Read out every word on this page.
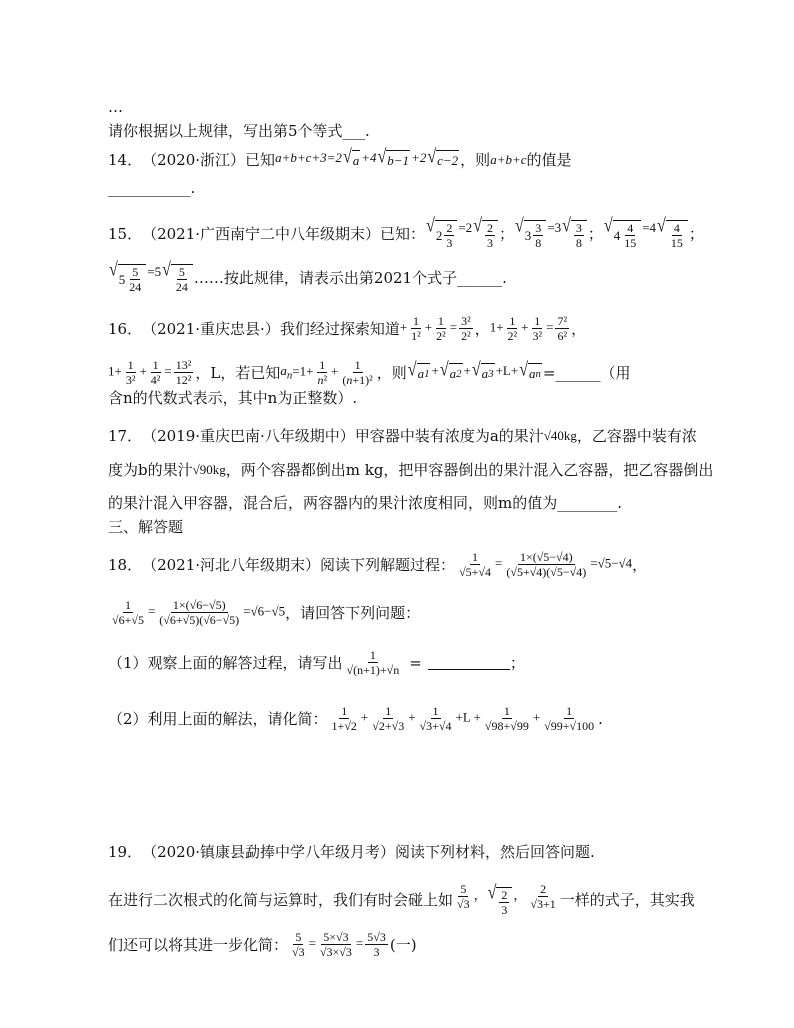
…
请你根据以上规律，写出第5个等式___.
14． （2020·浙江） 已知 a+b+c+3=2 √ a +4 √ b−1 +2 √ c−2 ，则 a+b+c 的值是
___________.
15． （2021·广西南宁二中八年级期末） 已知： √ $2 \frac{2}{3} =2$ √ $\frac{2}{3}$ ； √ $3 \frac{3}{8} =3$ √ $\frac{3}{8}$ ； √ $4 \frac{4}{15} =4$ √ $\frac{4}{15}$ ；
√ $5 \frac{5}{24} =5$ √ $\frac{5}{24}$ ……按此规律，请表示出第2021个式子______.
16． （2021·重庆忠县·） 我们经过探索知道 + $\frac{1}{\text{1²}} + \frac{1}{\text{2²}} = \frac{\text{3²}}{\text{2²}}$ ， $1+ \frac{1}{\text{2²}} + \frac{1}{\text{3²}} = \frac{\text{7²}}{\text{6²}}$ ，
$1+ \frac{1}{\text{3²}} + \frac{1}{\text{4²}} = \frac{\text{13²}}{\text{12²}}$ ，L ，若已知 $a_n=1+ \frac{1}{\text{n²}} + \frac{1}{\text{(n+1)²}}$ ，则 √ a 1 + √ a 2 + √ a 3 +L+ √ a n =______（用
含n的代数式表示，其中n为正整数）.
17． （2019·重庆巴南·八年级期中） 甲容器中装有浓度为a的果汁 √40kg ，乙容器中装有浓
度为b的果汁 √90kg ，两个容器都倒出m kg，把甲容器倒出的果汁混入乙容器，把乙容器倒出
的果汁混入甲容器，混合后，两容器内的果汁浓度相同，则m的值为________.
三、解答题
18． （2021·河北八年级期末） 阅读下列解题过程： $\frac{1}{√5+√4} = \frac{1\times(√5-√4)}{(√5+√4)(√5-√4)} =√5-√4$ ，
$\frac{1}{√6+√5} = \frac{1\times(√6-√5)}{(√6+√5)(√6-√5)} =√6-√5$ ，请回答下列问题：
（1）观察上面的解答过程，请写出 $\frac{1}{√(n+1)+√n}$ =	；
（2）利用上面的解法，请化简： $\frac{1}{1+√2} + \frac{1}{√2+√3} + \frac{1}{√3+√4} +L + \frac{1}{√98+√99} + \frac{1}{√99+√100}$ .
19． （2020·镇康县勐捧中学八年级月考） 阅读下列材料，然后回答问题.
在进行二次根式的化简与运算时，我们有时会碰上如 $\frac{5}{√3}$ ， √ $\frac{2}{3}$ ， $\frac{2}{√3+1}$ 一样的式子，其实我
们还可以将其进一步化简： $\frac{5}{√3} = \frac{5\times√3}{√3\times√3} = \frac{5√3}{3}$ (一)
